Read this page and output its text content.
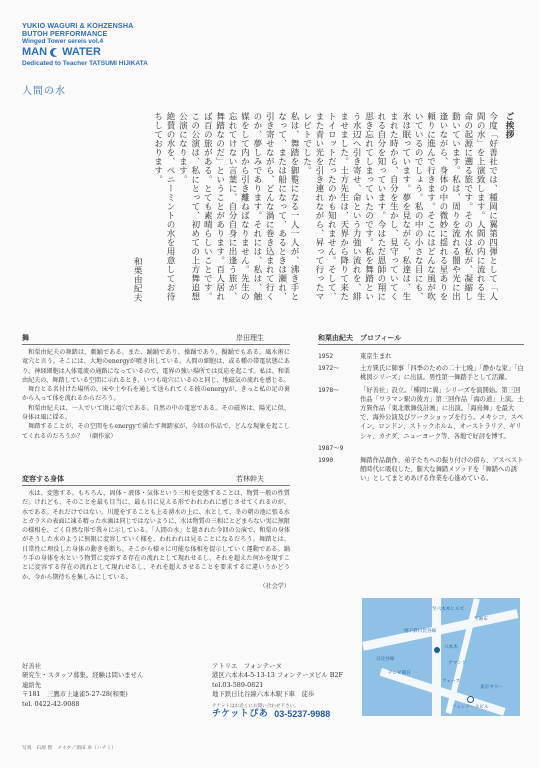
YUKIO WAGURI & KOHZENSHA
BUTOH PERFORMANCE
Winged Tower sereis vol.4
MAN WATER
Dedicated to Teacher TATSUMI HIJIKATA
人間の水
ご挨拶

今度「好善社では、種岡に翼第四弾として「人間の水」を上演致します。人間の内に流れる生命の起源に遡る旅です。その水は私が、凝縮し動いています。私は、周りを流れる闇や光に出逢いながら、身体の中の微妙に揺れる星ありを頼りに進んで行きます。そこにはどんな風が吹いているのでしょう。私の中の小さな目にも、氷は眠っています。夢を見ながら、私達は、生まれた時から、自分を生かし、見守っていてくれる自分を知っています。今はただ恩師の翔に思き忘れてしまっていたのです。私を舞踏という水辺へ引き寄せ、命という力強い流れを、緋ませました。土方先生は、天界から降りて来たトイロットだったのかも知れません。そして、また青い光を引き連れながら、昇って行ったマレビトでした。

私は、舞踏を御覧になる一人一人が、沸き手となって、または船になって、あるときは瀬れ、引き寄せながら、どんな渦に巻き込まれて行くのか、夢しみであります。それには、私は、触媒をして内から引き離ねばなりません。先生の忘れてけない言葉に、自分自身に出逢う旅が、舞踏なのだ」ということがあります。百人居れば百の旅がある。とても素晴らしいことです。

この公演は、私にとって、初めての上方舞追想公演になります。

絶賛の水を、ペニーミントの水を用意してお待ちしております。

和栗由紀夫
舞	岸田理生

和栗由紀夫の舞踏は、劇踊である。また、踊踊であり、操踊であり、擬踊でもある。風水術に竜穴と言う。そこには、大地のenergyが噴き出している。人間の細胞は、或る種の帯電状態にあり、神経細胞は人体電流の通路になっているので、電界の強い場所では反応を起こす。私は、和栗由紀夫の、舞踏している空間に示れるとき、いつも竜穴にいるのと同じ、地磁気の流れを感じる。

舞台とる名付けた場所の、床や土や石を通して送られてくる彼のenergyが、きっと私の足の裏から入って体を流れるからだろう。

和栗由紀夫は、一人でいて既に竜穴である。自然の中の電窓である。その磁界は、陽光に似、身体は風に揺る。

舞踏することが、その空間をもenergyで満たす舞踏家が、今回の作品で、どんな現象を起こしてくれるのだろうか？　（劇作家）

変容する身体	若林幹夫

水は、変態する。もちろん、固体・液体・気体という三相を変態することは、物質一般の性質だ。けれども、そのことを最も目当に、最も目に見える形でわれわれに感じさせてくれるのが、水である。それだけではない。川遊をすることも上る湧水の上に、水として、冬の朝の池に張る水とガラスの表面に凍る精った水滴は同じではないように、水は物質の三相にとどまらない実に無限の様相を、ごく自然な形で我々に示している。「人間の水」と題された今回の公演で、和栗の身体がそうした水のように無限に変容していく様を、われわれは見ることになるだろう。舞踏とは、日常性に埋没した身体の動きを断ち、そこから様々に可能な体相を提示していく運動である。踊り手の身体を水という物質に変容する存在の流れとして現れせるし、それを超えた何かを現すことに変容する存在の流れとして現れせるし、それを超えさせることを要求するに違いうかどうか、今から期待ちを集しみにしている。

（社会学）

和栗由紀夫　プロフィール
1952	東京生まれ
1972〜	土方巽氏に師事「四季のための二十七晩」「静かな家」「白桃図シリーズ」に出演。男性第一舞踏手として活躍。
1978〜	「好善社」設立。「種岡に翼」シリーズを演開始。第三回作品「ワラマン駅の彼方」第三回作品「海の道」上演。土方巽作品「東北歌舞伎計画」に出演。「海鳥舞」を最大で、海外公演及びワークショップを行う。メキシコ、スペイン、ロンドン、ストックホルム、オーストラリア、ギリシャ、カナダ、ニューヨーク等、各地で好評を博す。
1987〜9
1990	舞踏作品創作、弟子たちへの振り付けの傍ら、アスベスト館時代に吸収した、膨大な舞踏メソッドを「舞踏への誘い」としてまとめあげる作業を心進めている。
地下鉄日比谷線
日比谷線
六本木
アマンド
ウェーブ
フォンテーヌビル
テレビ朝日
至六本木ヒルズ
東京タワー
至麻布
好善社
研究生・スタッフ募集。経験は問いません
連絡先
〒181　三鷹市上連雀5-27-28(和栗)
tel. 0422-42-9088
アトリエ　フォンテーヌ
港区六本木4-5-13-13 フォンテーヌビル B2F
tel.03-589-0821
地下鉄日比谷線六本木駅下車　徒歩
チケットはお近くにお問い合わせ下さい。
チケットぴあ 03-5237-9988
写真　石原 智　メイク／須田 卓（ハチミ）
